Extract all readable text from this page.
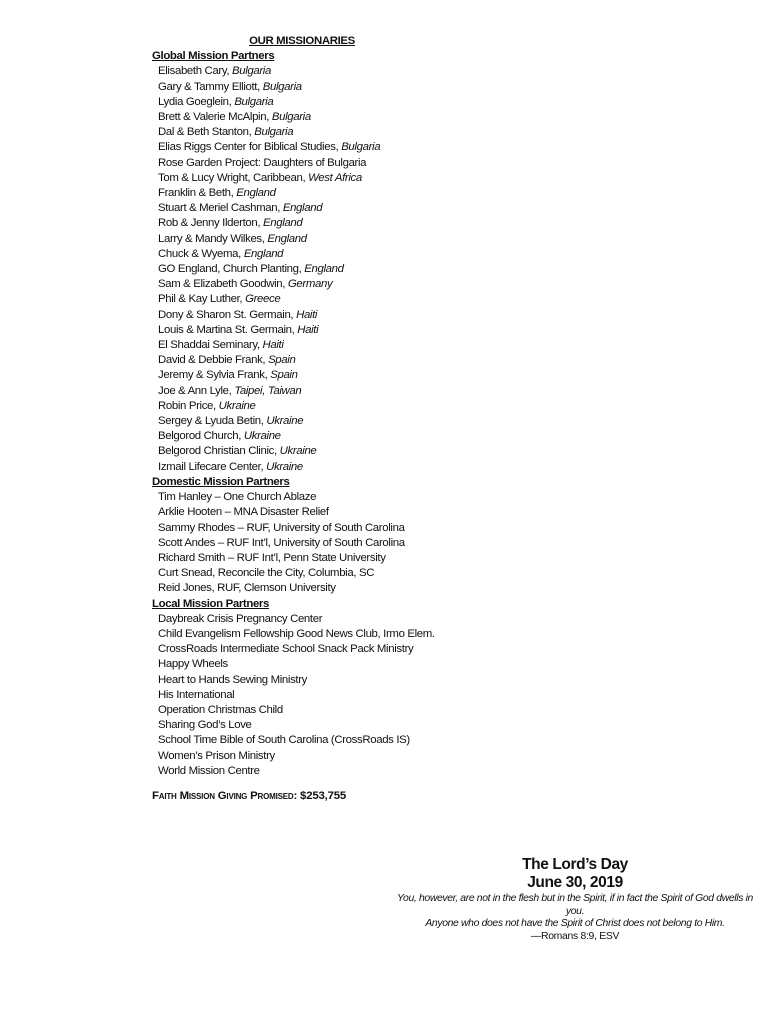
OUR MISSIONARIES
Global Mission Partners
Elisabeth Cary, Bulgaria
Gary & Tammy Elliott, Bulgaria
Lydia Goeglein, Bulgaria
Brett & Valerie McAlpin, Bulgaria
Dal & Beth Stanton, Bulgaria
Elias Riggs Center for Biblical Studies, Bulgaria
Rose Garden Project: Daughters of Bulgaria
Tom & Lucy Wright, Caribbean, West Africa
Franklin & Beth, England
Stuart & Meriel Cashman, England
Rob & Jenny Ilderton, England
Larry & Mandy Wilkes, England
Chuck & Wyema, England
GO England, Church Planting, England
Sam & Elizabeth Goodwin, Germany
Phil & Kay Luther, Greece
Dony & Sharon St. Germain, Haiti
Louis & Martina St. Germain, Haiti
El Shaddai Seminary, Haiti
David & Debbie Frank, Spain
Jeremy & Sylvia Frank, Spain
Joe & Ann Lyle, Taipei, Taiwan
Robin Price, Ukraine
Sergey & Lyuda Betin, Ukraine
Belgorod Church, Ukraine
Belgorod Christian Clinic, Ukraine
Izmail Lifecare Center, Ukraine
Domestic Mission Partners
Tim Hanley – One Church Ablaze
Arklie Hooten – MNA Disaster Relief
Sammy Rhodes – RUF, University of South Carolina
Scott Andes – RUF Int’l, University of South Carolina
Richard Smith – RUF Int’l, Penn State University
Curt Snead, Reconcile the City, Columbia, SC
Reid Jones, RUF, Clemson University
Local Mission Partners
Daybreak Crisis Pregnancy Center
Child Evangelism Fellowship Good News Club, Irmo Elem.
CrossRoads Intermediate School Snack Pack Ministry
Happy Wheels
Heart to Hands Sewing Ministry
His International
Operation Christmas Child
Sharing God’s Love
School Time Bible of South Carolina (CrossRoads IS)
Women’s Prison Ministry
World Mission Centre
Faith Mission Giving Promised: $253,755
The Lord’s Day
June 30, 2019
You, however, are not in the flesh but in the Spirit, if in fact the Spirit of God dwells in you.
Anyone who does not have the Spirit of Christ does not belong to Him.
—Romans 8:9, ESV
